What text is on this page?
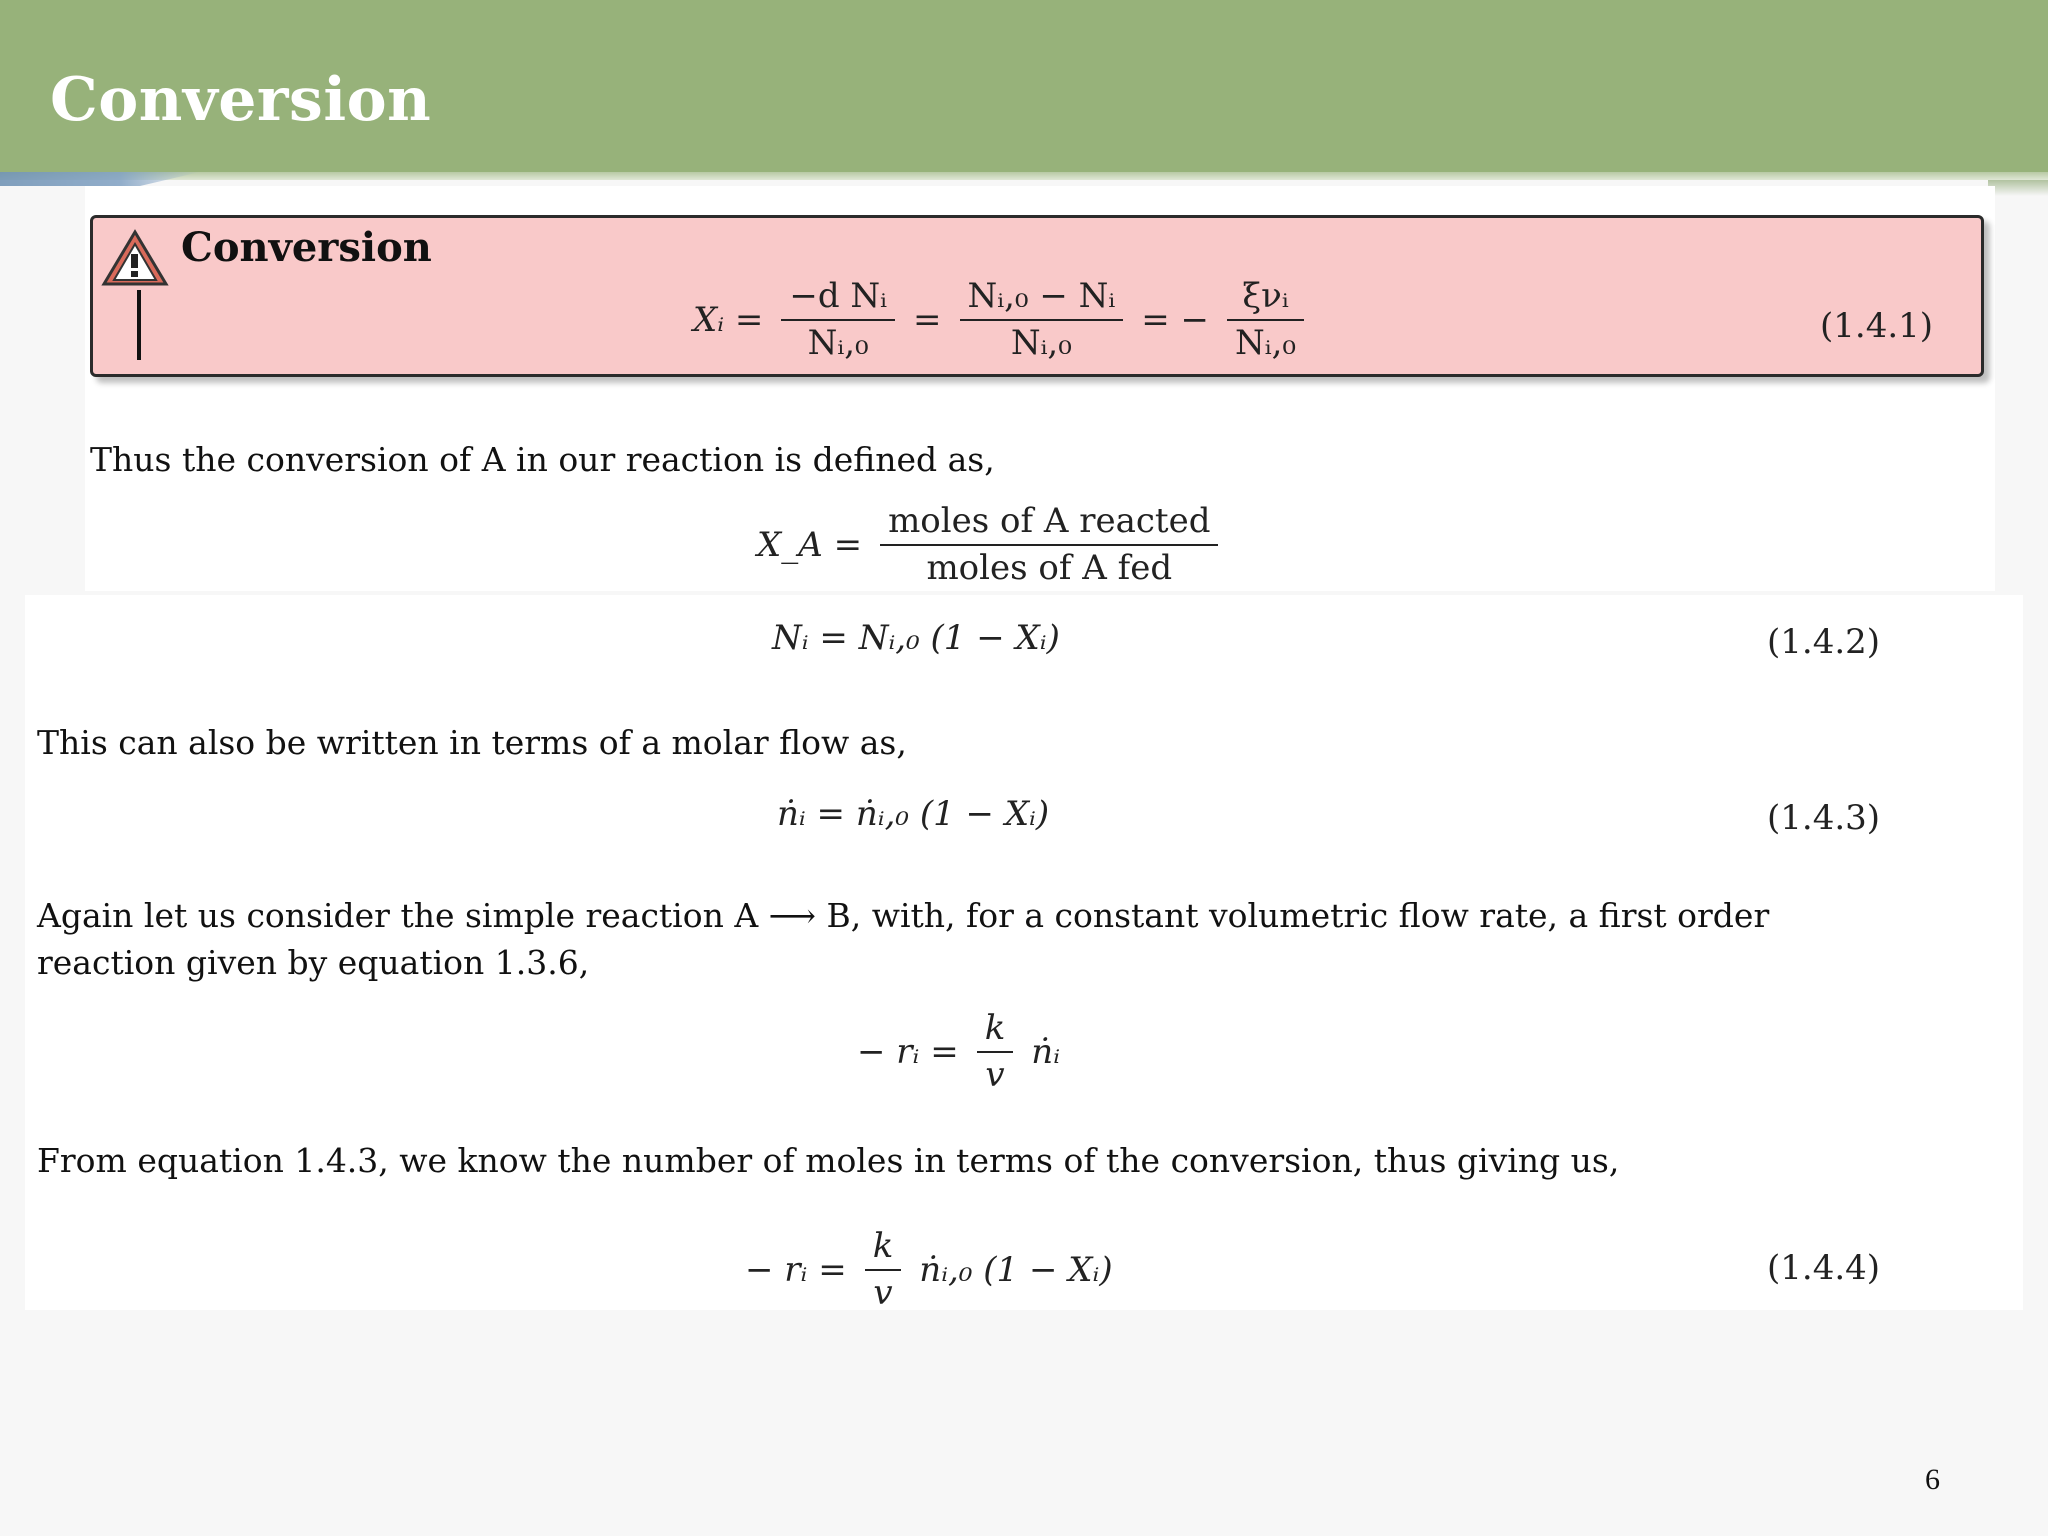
Conversion
Conversion
Xᵢ = $\frac{\text{−d Nᵢ}}{\text{Nᵢ,₀}} = \frac{\text{Nᵢ,₀ − Nᵢ}}{\text{Nᵢ,₀}}$ = − $\frac{\text{ξνᵢ}}{\text{Nᵢ,₀}}$	(1.4.1)
Thus the conversion of A in our reaction is defined as,
X_A = $\frac{\text{moles of A reacted}}{\text{moles of A fed}}$
Nᵢ = Nᵢ,₀ (1 − Xᵢ)	(1.4.2)
This can also be written in terms of a molar flow as,
ṅᵢ = ṅᵢ,₀ (1 − Xᵢ)	(1.4.3)
Again let us consider the simple reaction A ⟶ B, with, for a constant volumetric flow rate, a first order reaction given by equation 1.3.6,
− rᵢ = $\frac{k}{v}$ ṅᵢ
From equation 1.4.3, we know the number of moles in terms of the conversion, thus giving us,
− rᵢ = $\frac{k}{v}$ ṅᵢ,₀ (1 − Xᵢ)	(1.4.4)
6
